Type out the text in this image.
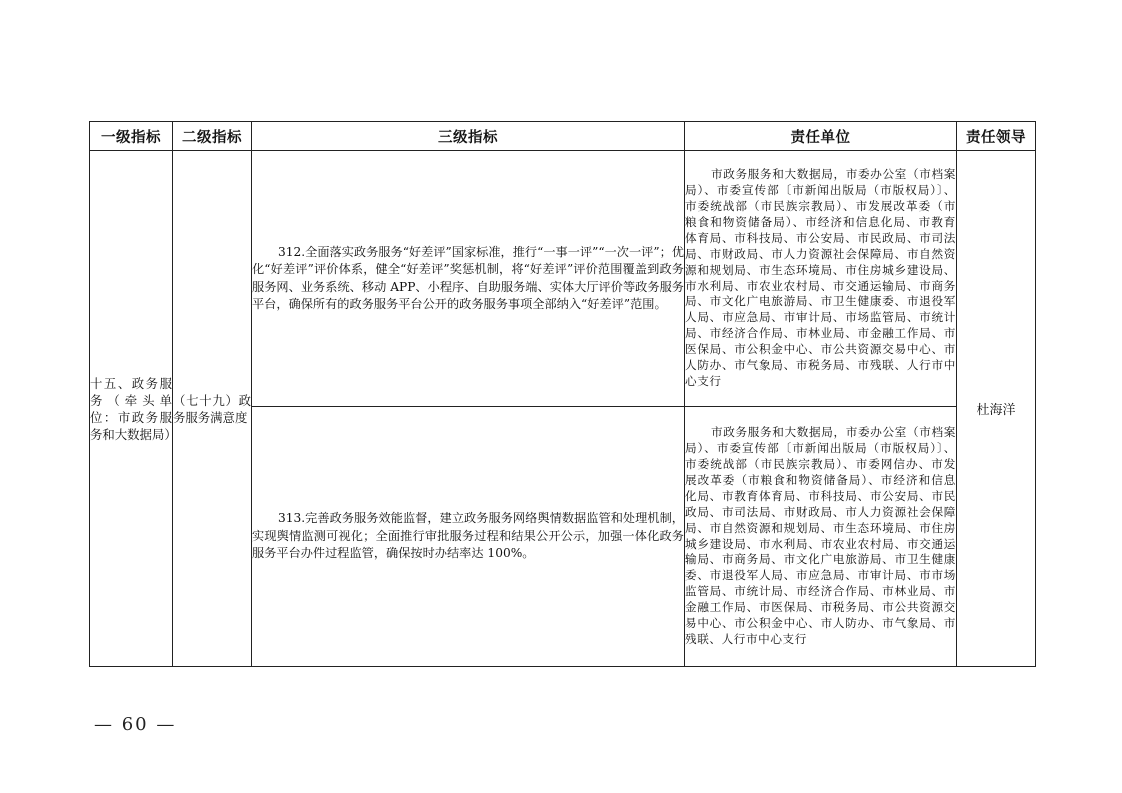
一级指标	二级指标	三级指标	责任单位	责任领导
十五、政务服务（牵头单位：市政务服务和大数据局）	（七十九）政务服务满意度	312.全面落实政务服务“好差评”国家标准，推行“一事一评”“一次一评”；优化“好差评”评价体系，健全“好差评”奖惩机制，将“好差评”评价范围覆盖到政务服务网、业务系统、移动 APP、小程序、自助服务端、实体大厅评价等政务服务平台，确保所有的政务服务平台公开的政务服务事项全部纳入“好差评”范围。	市政务服务和大数据局，市委办公室（市档案局）、市委宣传部〔市新闻出版局（市版权局）〕、市委统战部（市民族宗教局）、市发展改革委（市粮食和物资储备局）、市经济和信息化局、市教育体育局、市科技局、市公安局、市民政局、市司法局、市财政局、市人力资源社会保障局、市自然资源和规划局、市生态环境局、市住房城乡建设局、市水利局、市农业农村局、市交通运输局、市商务局、市文化广电旅游局、市卫生健康委、市退役军人局、市应急局、市审计局、市场监管局、市统计局、市经济合作局、市林业局、市金融工作局、市医保局、市公积金中心、市公共资源交易中心、市人防办、市气象局、市税务局、市残联、人行市中心支行	杜海洋
		313.完善政务服务效能监督，建立政务服务网络舆情数据监管和处理机制，实现舆情监测可视化；全面推行审批服务过程和结果公开公示，加强一体化政务服务平台办件过程监管，确保按时办结率达 100%。	市政务服务和大数据局，市委办公室（市档案局）、市委宣传部〔市新闻出版局（市版权局）〕、市委统战部（市民族宗教局）、市委网信办、市发展改革委（市粮食和物资储备局）、市经济和信息化局、市教育体育局、市科技局、市公安局、市民政局、市司法局、市财政局、市人力资源社会保障局、市自然资源和规划局、市生态环境局、市住房城乡建设局、市水利局、市农业农村局、市交通运输局、市商务局、市文化广电旅游局、市卫生健康委、市退役军人局、市应急局、市审计局、市市场监管局、市统计局、市经济合作局、市林业局、市金融工作局、市医保局、市税务局、市公共资源交易中心、市公积金中心、市人防办、市气象局、市残联、人行市中心支行	
— 60 —
